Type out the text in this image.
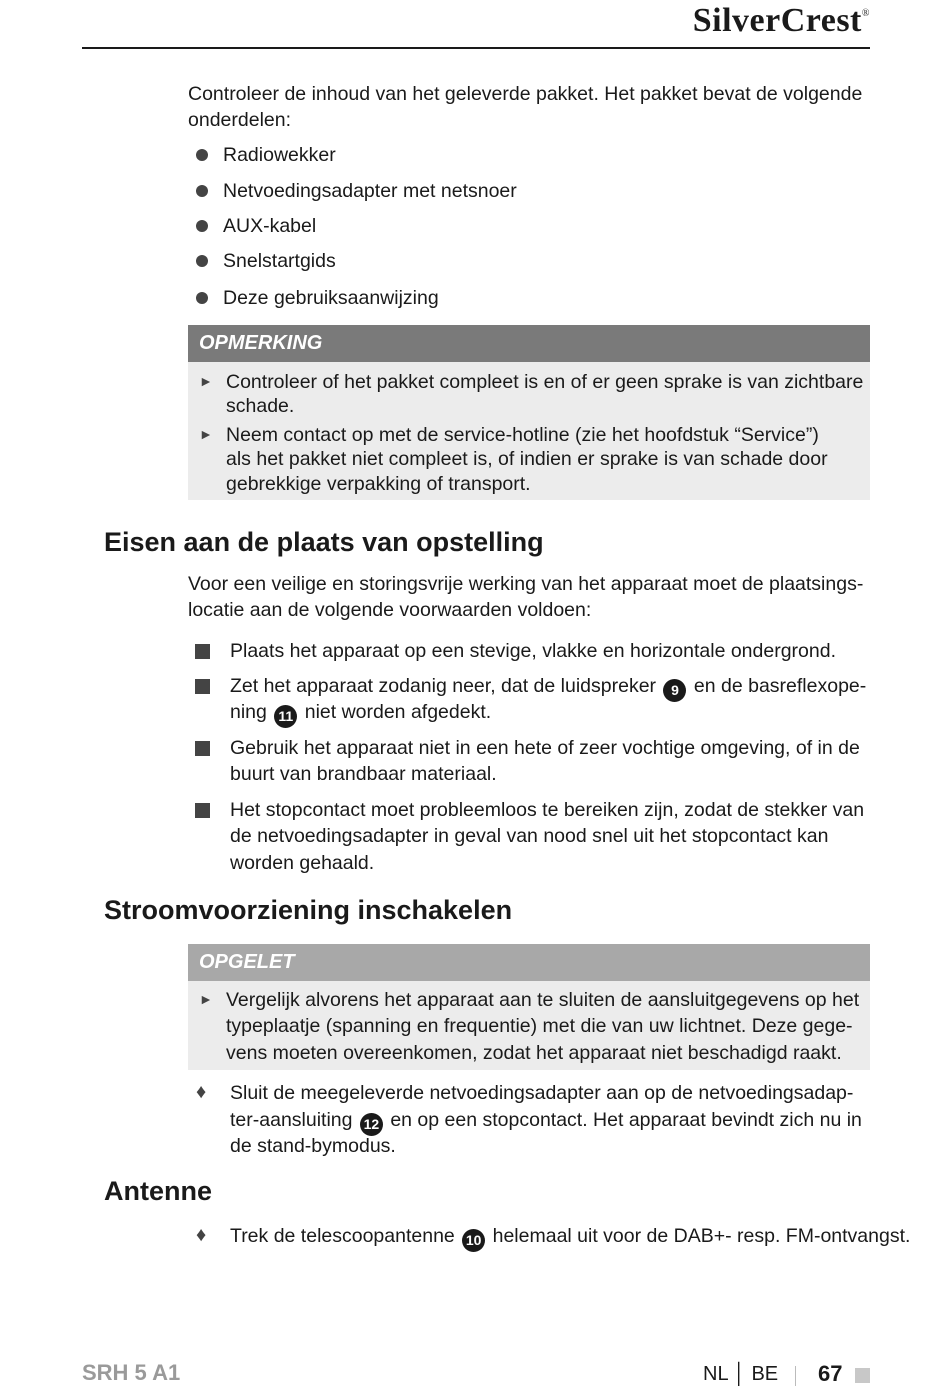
SilverCrest®
Controleer de inhoud van het geleverde pakket. Het pakket bevat de volgende
onderdelen:
Radiowekker
Netvoedingsadapter met netsnoer
AUX-kabel
Snelstartgids
Deze gebruiksaanwijzing
OPMERKING
► Controleer of het pakket compleet is en of er geen sprake is van zichtbare
schade.
► Neem contact op met de service-hotline (zie het hoofdstuk “Service”)
als het pakket niet compleet is, of indien er sprake is van schade door
gebrekkige verpakking of transport.
Eisen aan de plaats van opstelling
Voor een veilige en storingsvrije werking van het apparaat moet de plaatsings-
locatie aan de volgende voorwaarden voldoen:
Plaats het apparaat op een stevige, vlakke en horizontale ondergrond.
Zet het apparaat zodanig neer, dat de luidspreker 9 en de basreflexope-
ning 11 niet worden afgedekt.
Gebruik het apparaat niet in een hete of zeer vochtige omgeving, of in de
buurt van brandbaar materiaal.
Het stopcontact moet probleemloos te bereiken zijn, zodat de stekker van
de netvoedingsadapter in geval van nood snel uit het stopcontact kan
worden gehaald.
Stroomvoorziening inschakelen
OPGELET
► Vergelijk alvorens het apparaat aan te sluiten de aansluitgegevens op het
typeplaatje (spanning en frequentie) met die van uw lichtnet. Deze gege-
vens moeten overeenkomen, zodat het apparaat niet beschadigd raakt.
♦ Sluit de meegeleverde netvoedingsadapter aan op de netvoedingsadap-
ter-aansluiting 12 en op een stopcontact. Het apparaat bevindt zich nu in
de stand-bymodus.
Antenne
♦ Trek de telescoopantenne 10 helemaal uit voor de DAB+- resp. FM-ontvangst.
SRH 5 A1	NL │ BE 67
